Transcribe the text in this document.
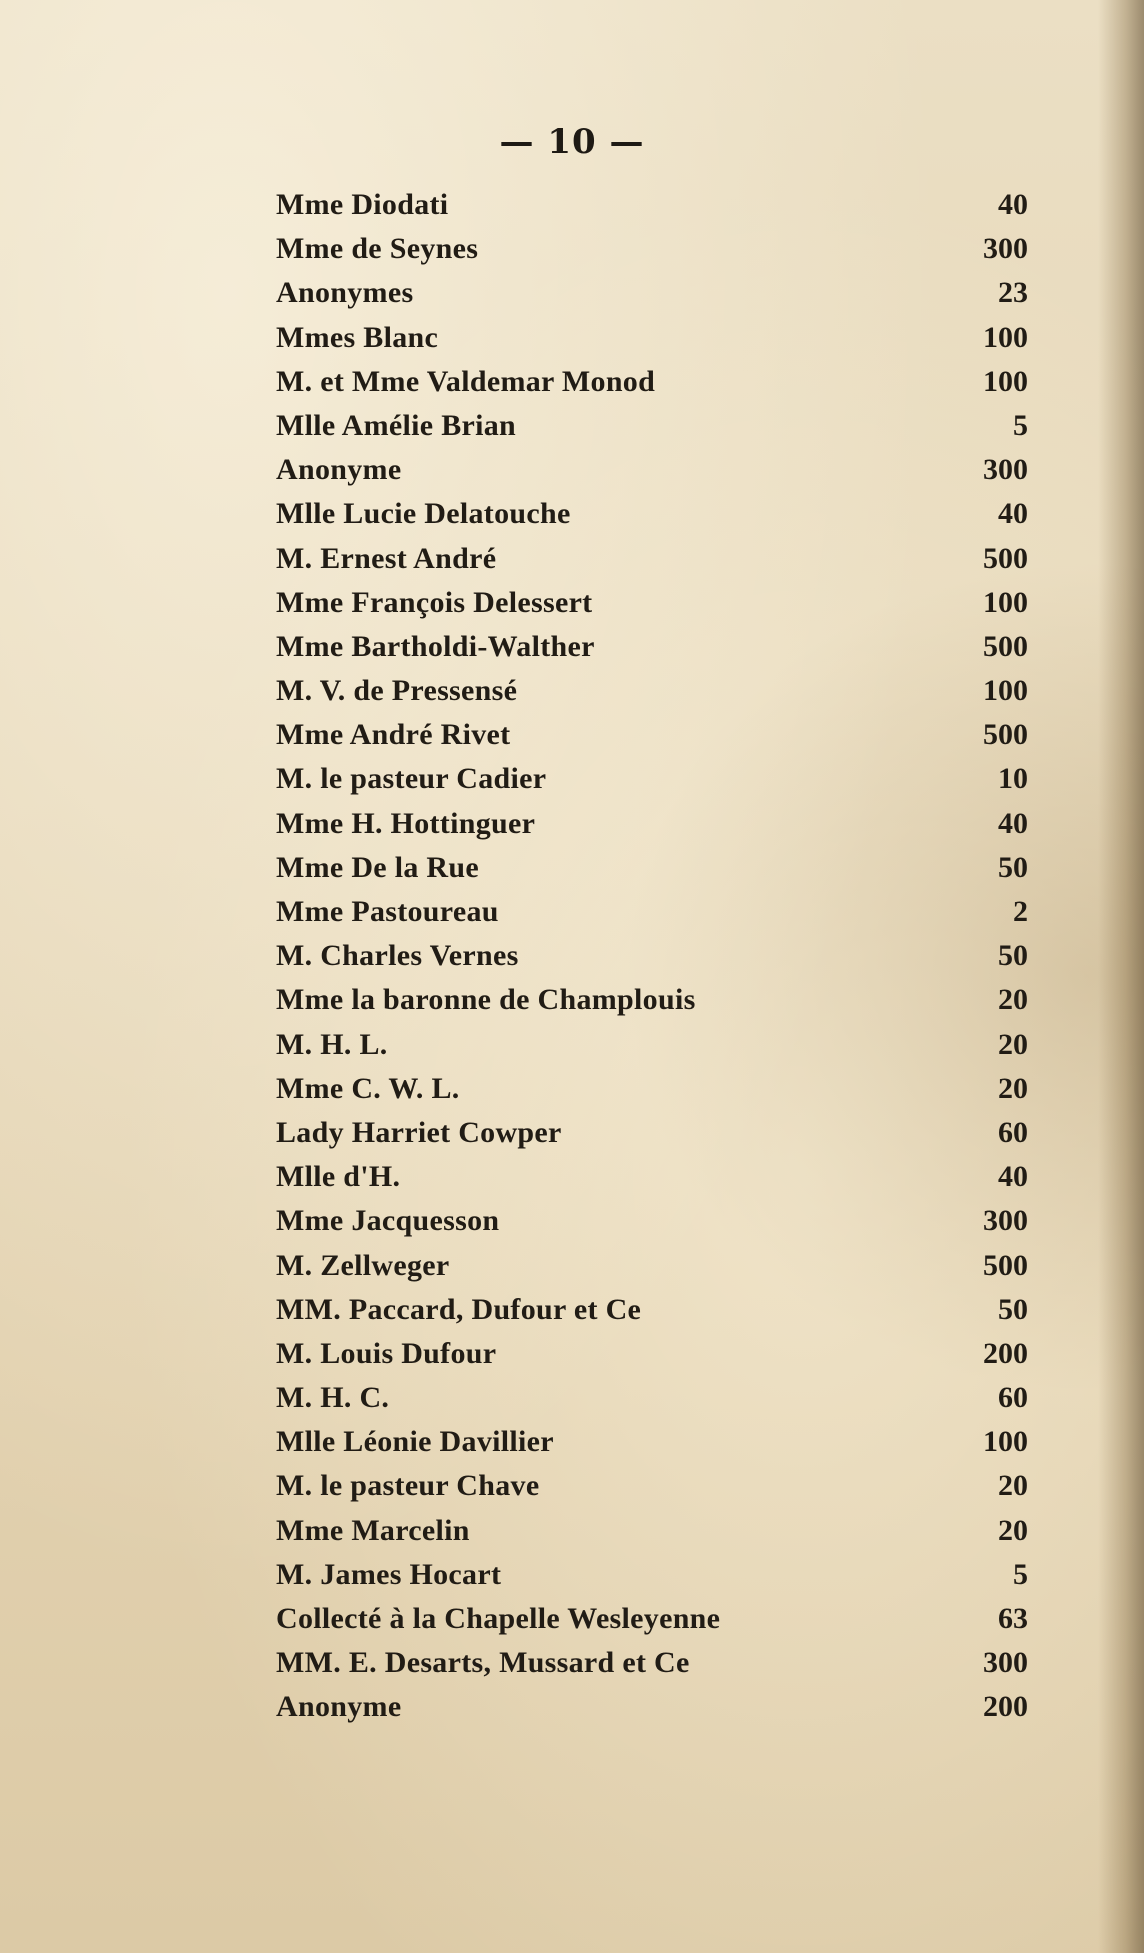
— 10 —
Mme Diodati	40
Mme de Seynes	300
Anonymes	23
Mmes Blanc	100
M. et Mme Valdemar Monod	100
Mlle Amélie Brian	5
Anonyme	300
Mlle Lucie Delatouche	40
M. Ernest André	500
Mme François Delessert	100
Mme Bartholdi-Walther	500
M. V. de Pressensé	100
Mme André Rivet	500
M. le pasteur Cadier	10
Mme H. Hottinguer	40
Mme De la Rue	50
Mme Pastoureau	2
M. Charles Vernes	50
Mme la baronne de Champlouis	20
M. H. L.	20
Mme C. W. L.	20
Lady Harriet Cowper	60
Mlle d'H.	40
Mme Jacquesson	300
M. Zellweger	500
MM. Paccard, Dufour et Ce	50
M. Louis Dufour	200
M. H. C.	60
Mlle Léonie Davillier	100
M. le pasteur Chave	20
Mme Marcelin	20
M. James Hocart	5
Collecté à la Chapelle Wesleyenne	63
MM. E. Desarts, Mussard et Ce	300
Anonyme	200
